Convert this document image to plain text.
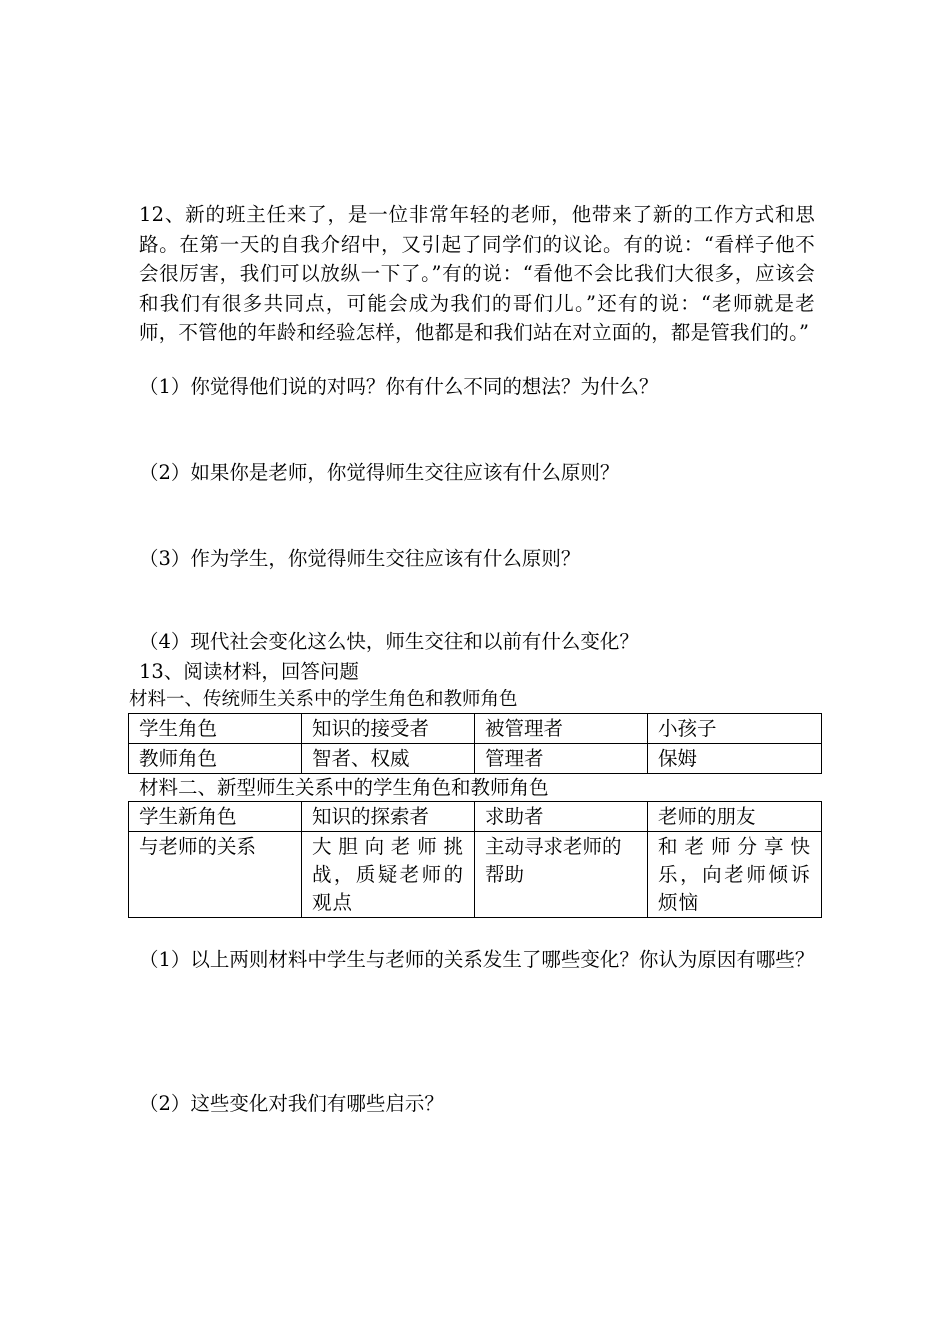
12、新的班主任来了，是一位非常年轻的老师，他带来了新的工作方式和思路。在第一天的自我介绍中，又引起了同学们的议论。有的说：“看样子他不会很厉害，我们可以放纵一下了。”有的说：“看他不会比我们大很多，应该会和我们有很多共同点，可能会成为我们的哥们儿。”还有的说：“老师就是老师，不管他的年龄和经验怎样，他都是和我们站在对立面的，都是管我们的。”
（1）你觉得他们说的对吗？你有什么不同的想法？为什么？
（2）如果你是老师，你觉得师生交往应该有什么原则？
（3）作为学生，你觉得师生交往应该有什么原则？
（4）现代社会变化这么快，师生交往和以前有什么变化？
13、阅读材料，回答问题
材料一、传统师生关系中的学生角色和教师角色
学生角色	知识的接受者	被管理者	小孩子
教师角色	智者、权威	管理者	保姆
材料二、新型师生关系中的学生角色和教师角色
学生新角色	知识的探索者	求助者	老师的朋友
与老师的关系	大胆向老师挑战，质疑老师的观点	主动寻求老师的帮助	和老师分享快乐，向老师倾诉烦恼
（1）以上两则材料中学生与老师的关系发生了哪些变化？你认为原因有哪些？
（2）这些变化对我们有哪些启示？
